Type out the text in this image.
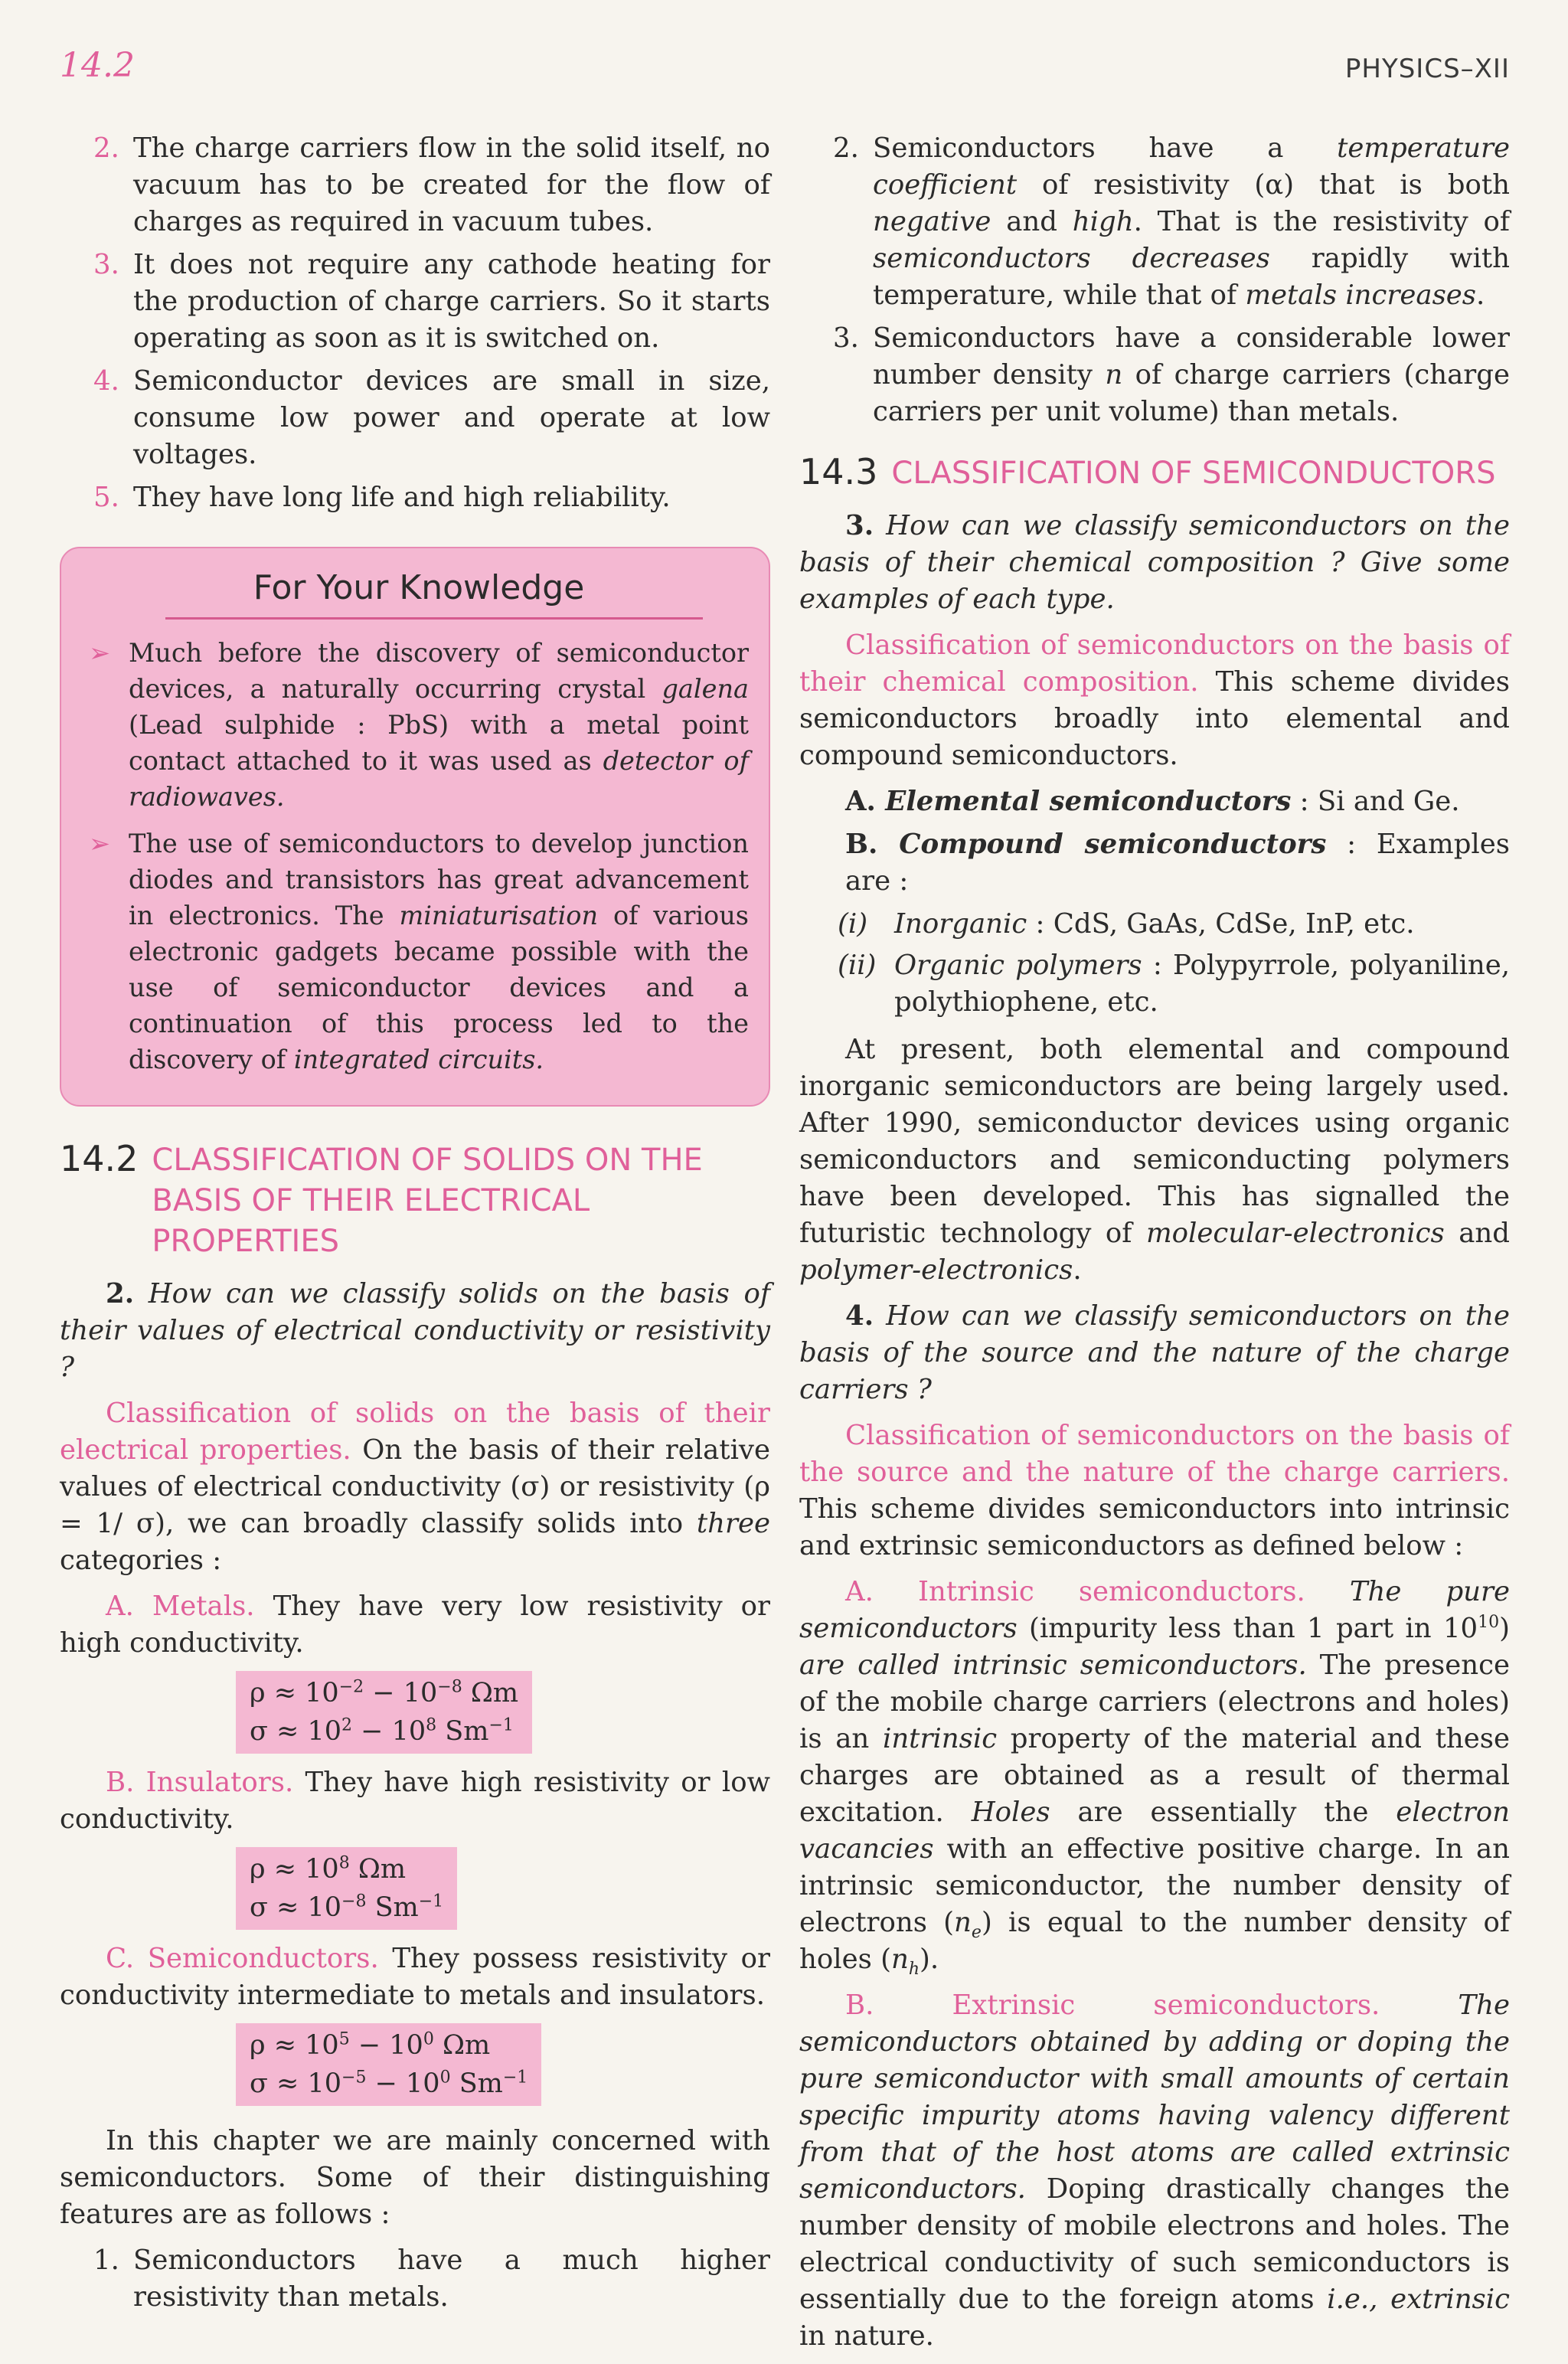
14.2	PHYSICS–XII
2. The charge carriers flow in the solid itself, no vacuum has to be created for the flow of charges as required in vacuum tubes.
3. It does not require any cathode heating for the production of charge carriers. So it starts operating as soon as it is switched on.
4. Semiconductor devices are small in size, consume low power and operate at low voltages.
5. They have long life and high reliability.
For Your Knowledge
➢ Much before the discovery of semiconductor devices, a naturally occurring crystal galena (Lead sulphide : PbS) with a metal point contact attached to it was used as detector of radiowaves.
➢ The use of semiconductors to develop junction diodes and transistors has great advancement in electronics. The miniaturisation of various electronic gadgets became possible with the use of semiconductor devices and a continuation of this process led to the discovery of integrated circuits.
14.2 CLASSIFICATION OF SOLIDS ON THE BASIS OF THEIR ELECTRICAL PROPERTIES

2. How can we classify solids on the basis of their values of electrical conductivity or resistivity ?

Classification of solids on the basis of their electrical properties. On the basis of their relative values of electrical conductivity (σ) or resistivity (ρ = 1/ σ), we can broadly classify solids into three categories :

A. Metals. They have very low resistivity or high conductivity.

$\rho \approx 10^{-2} - 10^{-8}$ Ωm
$\sigma \approx 10^2 - 10^8$ $Sm^{-1}$

B. Insulators. They have high resistivity or low conductivity.

$\rho \approx 10^8$ Ωm
$\sigma \approx 10^{-8}$ $Sm^{-1}$

C. Semiconductors. They possess resistivity or conductivity intermediate to metals and insulators.

$\rho \approx 10^5 - 10^0$ Ωm
$\sigma \approx 10^{-5} - 10^0$ $Sm^{-1}$

In this chapter we are mainly concerned with semiconductors. Some of their distinguishing features are as follows :

1. Semiconductors have a much higher resistivity than metals.
2. Semiconductors have a temperature coefficient of resistivity (α) that is both negative and high. That is the resistivity of semiconductors decreases rapidly with temperature, while that of metals increases.
3. Semiconductors have a considerable lower number density n of charge carriers (charge carriers per unit volume) than metals.
14.3 CLASSIFICATION OF SEMICONDUCTORS

3. How can we classify semiconductors on the basis of their chemical composition ? Give some examples of each type.

Classification of semiconductors on the basis of their chemical composition. This scheme divides semiconductors broadly into elemental and compound semiconductors.

A. Elemental semiconductors : Si and Ge.

B. Compound semiconductors : Examples are :

(i) Inorganic : CdS, GaAs, CdSe, InP, etc.
(ii) Organic polymers : Polypyrrole, polyaniline, polythiophene, etc.

At present, both elemental and compound inorganic semiconductors are being largely used. After 1990, semiconductor devices using organic semiconductors and semiconducting polymers have been developed. This has signalled the futuristic technology of molecular-electronics and polymer-electronics.

4. How can we classify semiconductors on the basis of the source and the nature of the charge carriers ?

Classification of semiconductors on the basis of the source and the nature of the charge carriers. This scheme divides semiconductors into intrinsic and extrinsic semiconductors as defined below :

A. Intrinsic semiconductors. The pure semiconductors (impurity less than 1 part in $10^{10}$) are called intrinsic semiconductors. The presence of the mobile charge carriers (electrons and holes) is an intrinsic property of the material and these charges are obtained as a result of thermal excitation. Holes are essentially the electron vacancies with an effective positive charge. In an intrinsic semiconductor, the number density of electrons $(n_e)$ is equal to the number density of holes $(n_h)$.

B. Extrinsic semiconductors. The semiconductors obtained by adding or doping the pure semiconductor with small amounts of certain specific impurity atoms having valency different from that of the host atoms are called extrinsic semiconductors. Doping drastically changes the number density of mobile electrons and holes. The electrical conductivity of such semiconductors is essentially due to the foreign atoms i.e., extrinsic in nature.
